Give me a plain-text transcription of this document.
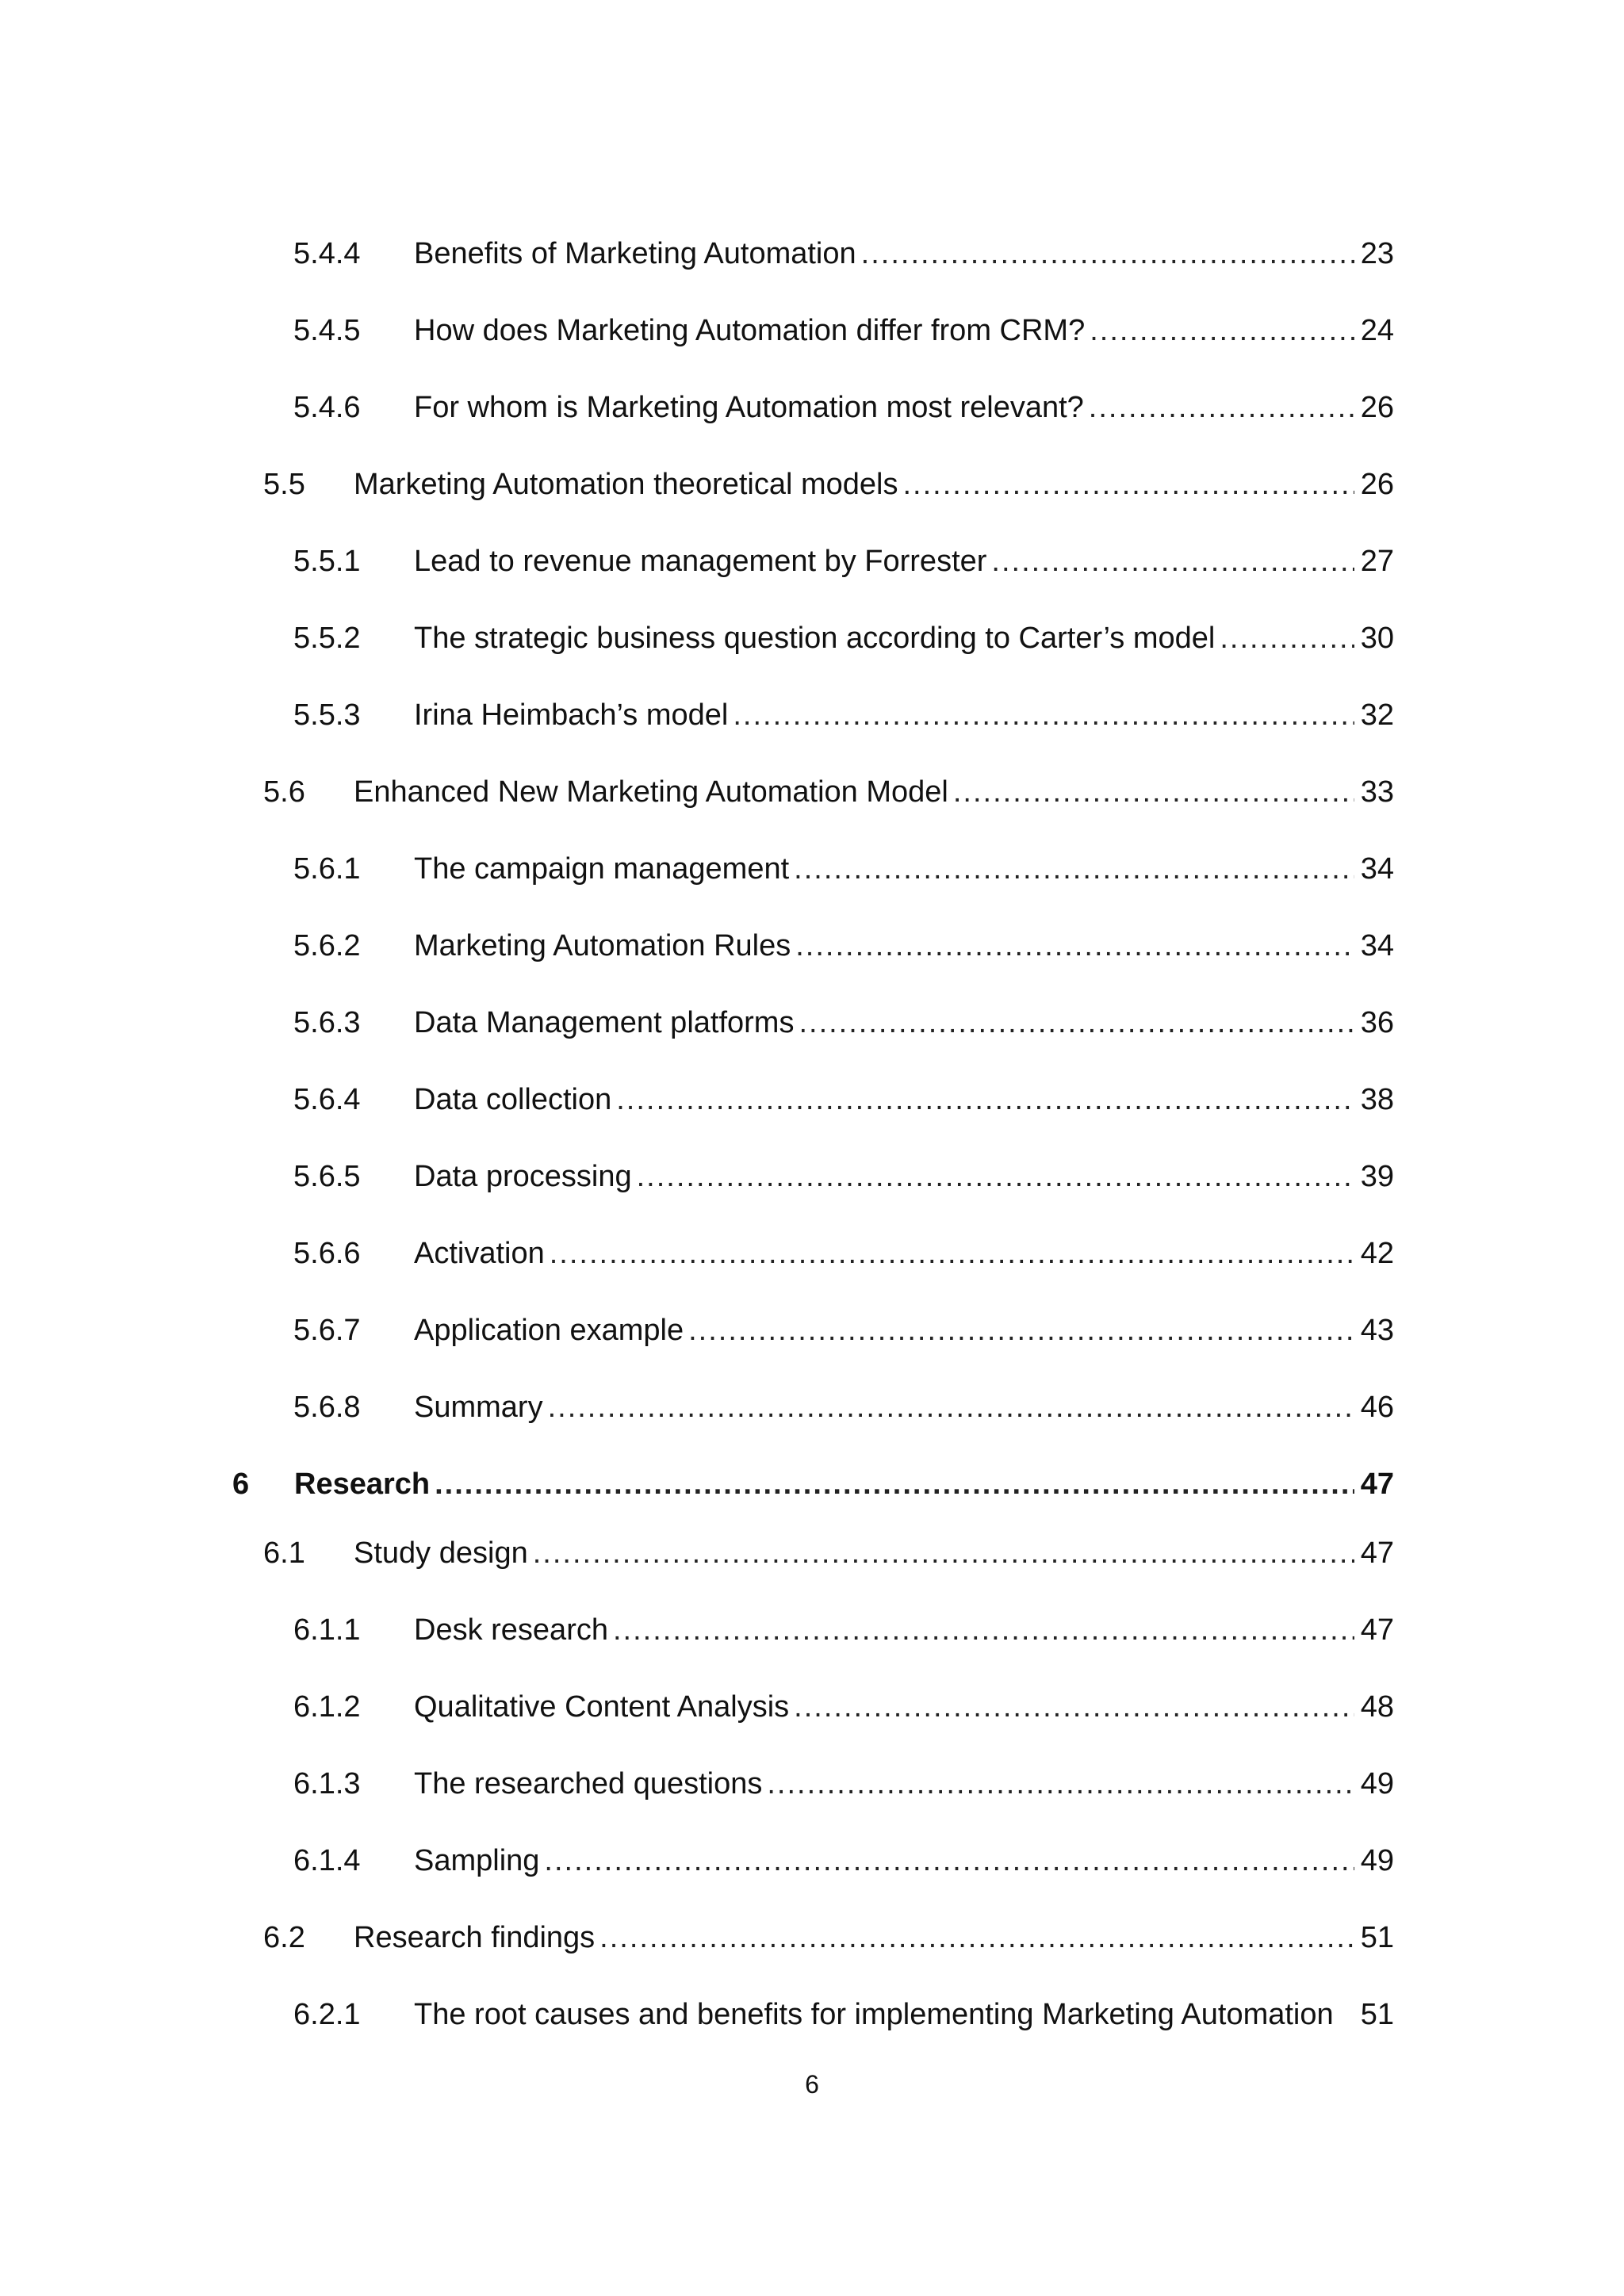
5.4.4 Benefits of Marketing Automation .....	23
5.4.5 How does Marketing Automation differ from CRM? .....	24
5.4.6 For whom is Marketing Automation most relevant? .....	26
5.5 Marketing Automation theoretical models .....	26
5.5.1 Lead to revenue management by Forrester .....	27
5.5.2 The strategic business question according to Carter’s model .....	30
5.5.3 Irina Heimbach’s model .....	32
5.6 Enhanced New Marketing Automation Model .....	33
5.6.1 The campaign management .....	34
5.6.2 Marketing Automation Rules .....	34
5.6.3 Data Management platforms .....	36
5.6.4 Data collection .....	38
5.6.5 Data processing .....	39
5.6.6 Activation .....	42
5.6.7 Application example .....	43
5.6.8 Summary .....	46
6 Research .....	47
6.1 Study design .....	47
6.1.1 Desk research .....	47
6.1.2 Qualitative Content Analysis .....	48
6.1.3 The researched questions .....	49
6.1.4 Sampling .....	49
6.2 Research findings .....	51
6.2.1 The root causes and benefits for implementing Marketing Automation 51
6
